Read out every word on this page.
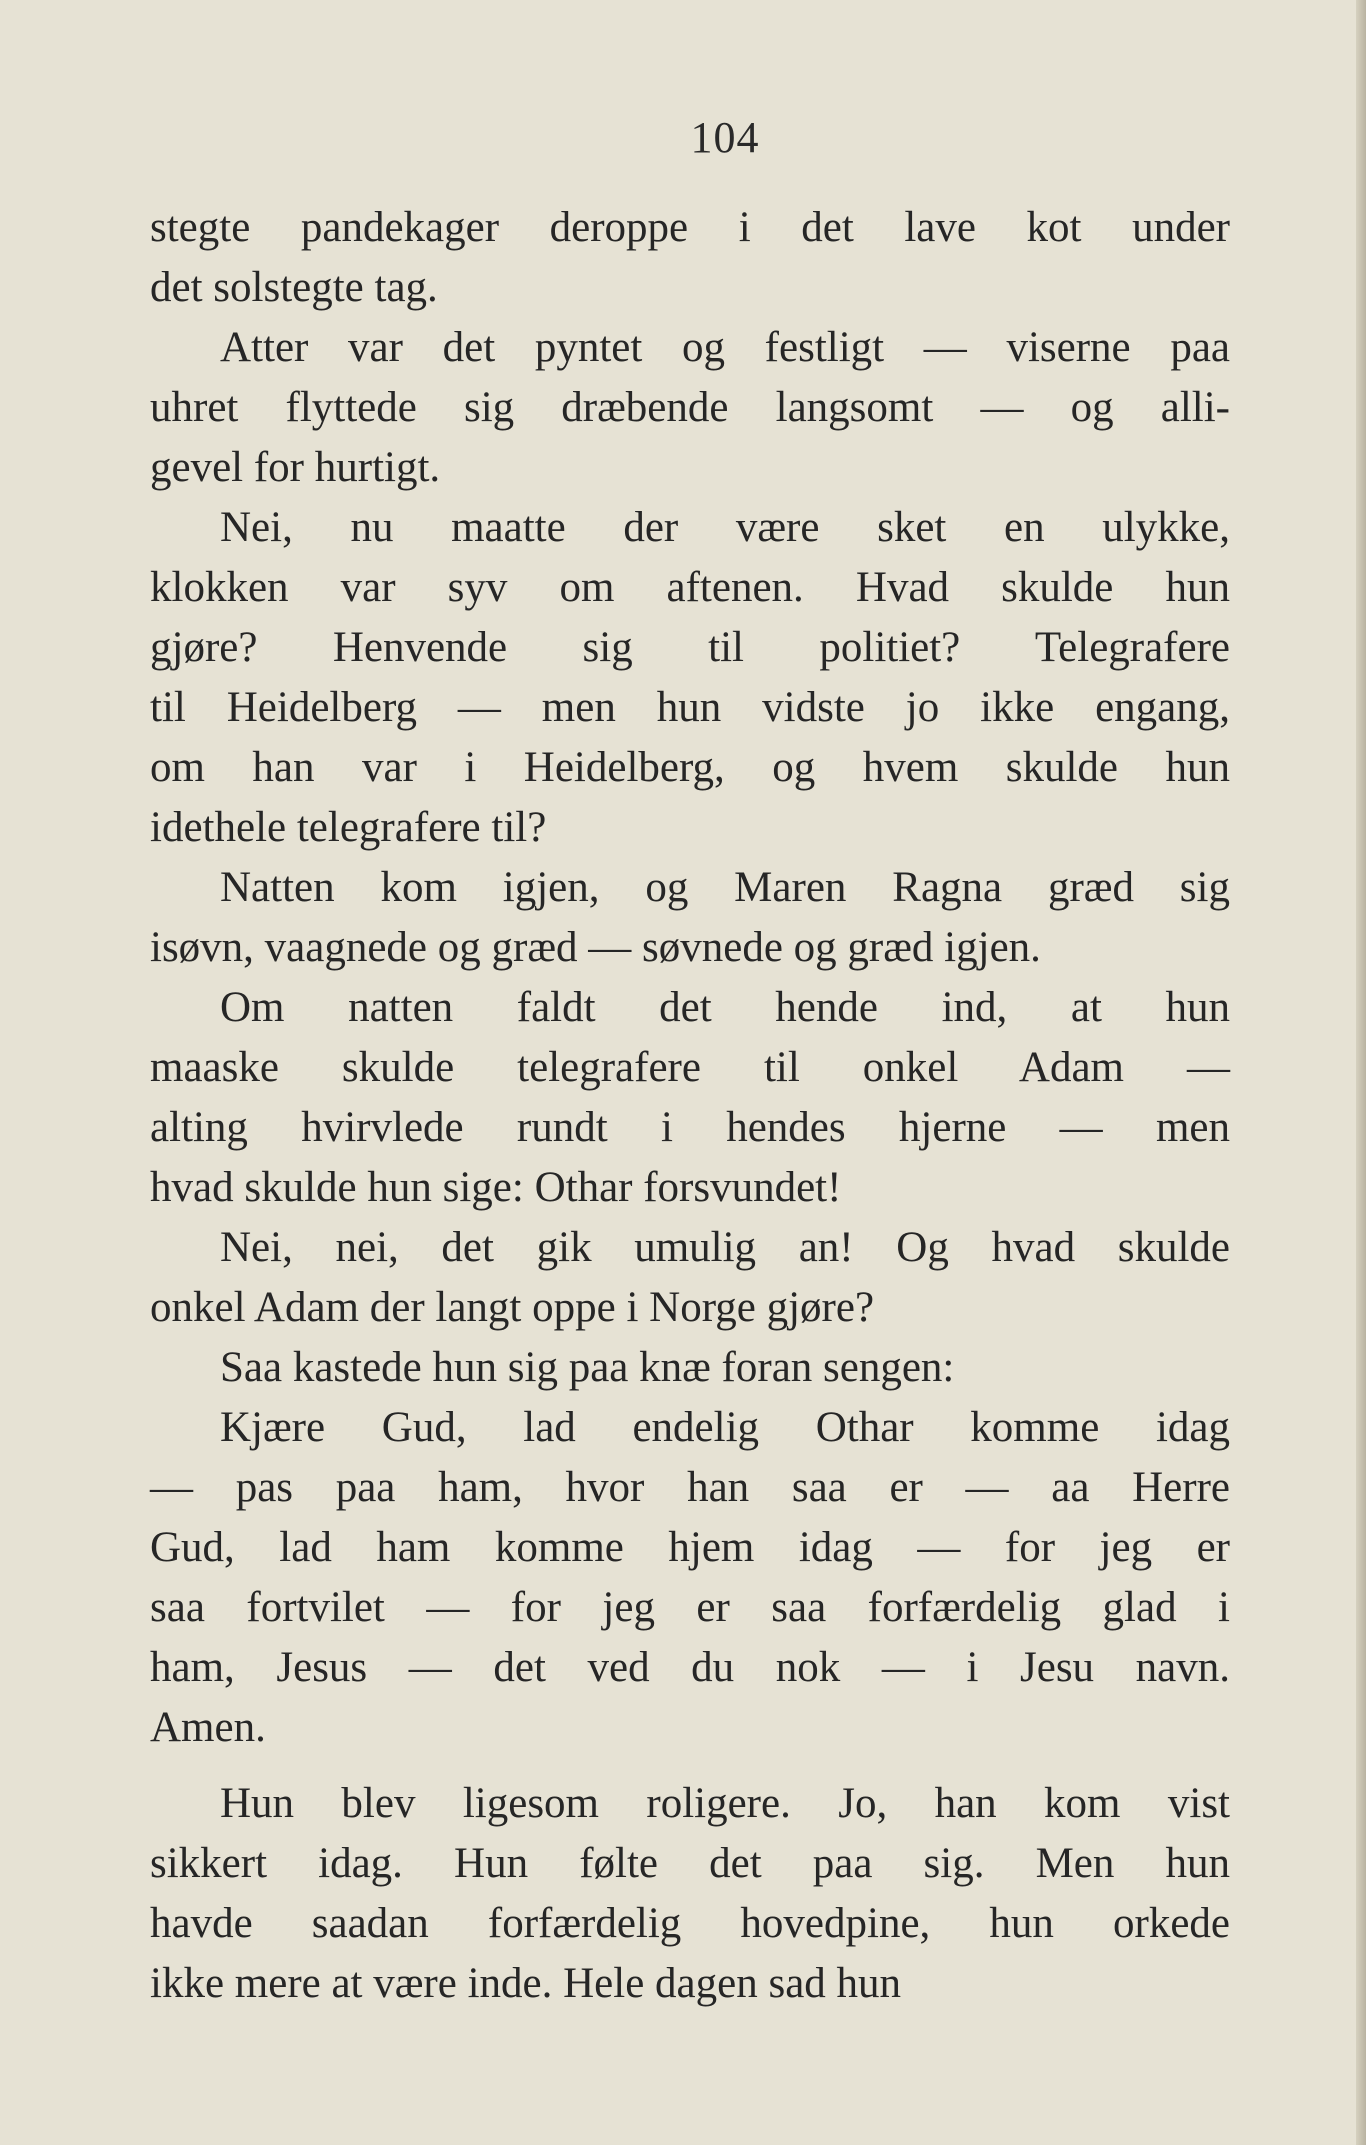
104
stegte pandekager deroppe i det lave kot under
det solstegte tag.
Atter var det pyntet og festligt — viserne paa
uhret flyttede sig dræbende langsomt — og alli-
gevel for hurtigt.
Nei, nu maatte der være sket en ulykke,
klokken var syv om aftenen. Hvad skulde hun
gjøre? Henvende sig til politiet? Telegrafere
til Heidelberg — men hun vidste jo ikke engang,
om han var i Heidelberg, og hvem skulde hun
idethele telegrafere til?
Natten kom igjen, og Maren Ragna græd sig
isøvn, vaagnede og græd — søvnede og græd igjen.
Om natten faldt det hende ind, at hun
maaske skulde telegrafere til onkel Adam —
alting hvirvlede rundt i hendes hjerne — men
hvad skulde hun sige: Othar forsvundet!
Nei, nei, det gik umulig an! Og hvad skulde
onkel Adam der langt oppe i Norge gjøre?
Saa kastede hun sig paa knæ foran sengen:
Kjære Gud, lad endelig Othar komme idag
— pas paa ham, hvor han saa er — aa Herre
Gud, lad ham komme hjem idag — for jeg er
saa fortvilet — for jeg er saa forfærdelig glad i
ham, Jesus — det ved du nok — i Jesu navn.
Amen.
Hun blev ligesom roligere. Jo, han kom vist
sikkert idag. Hun følte det paa sig. Men hun
havde saadan forfærdelig hovedpine, hun orkede
ikke mere at være inde. Hele dagen sad hun
